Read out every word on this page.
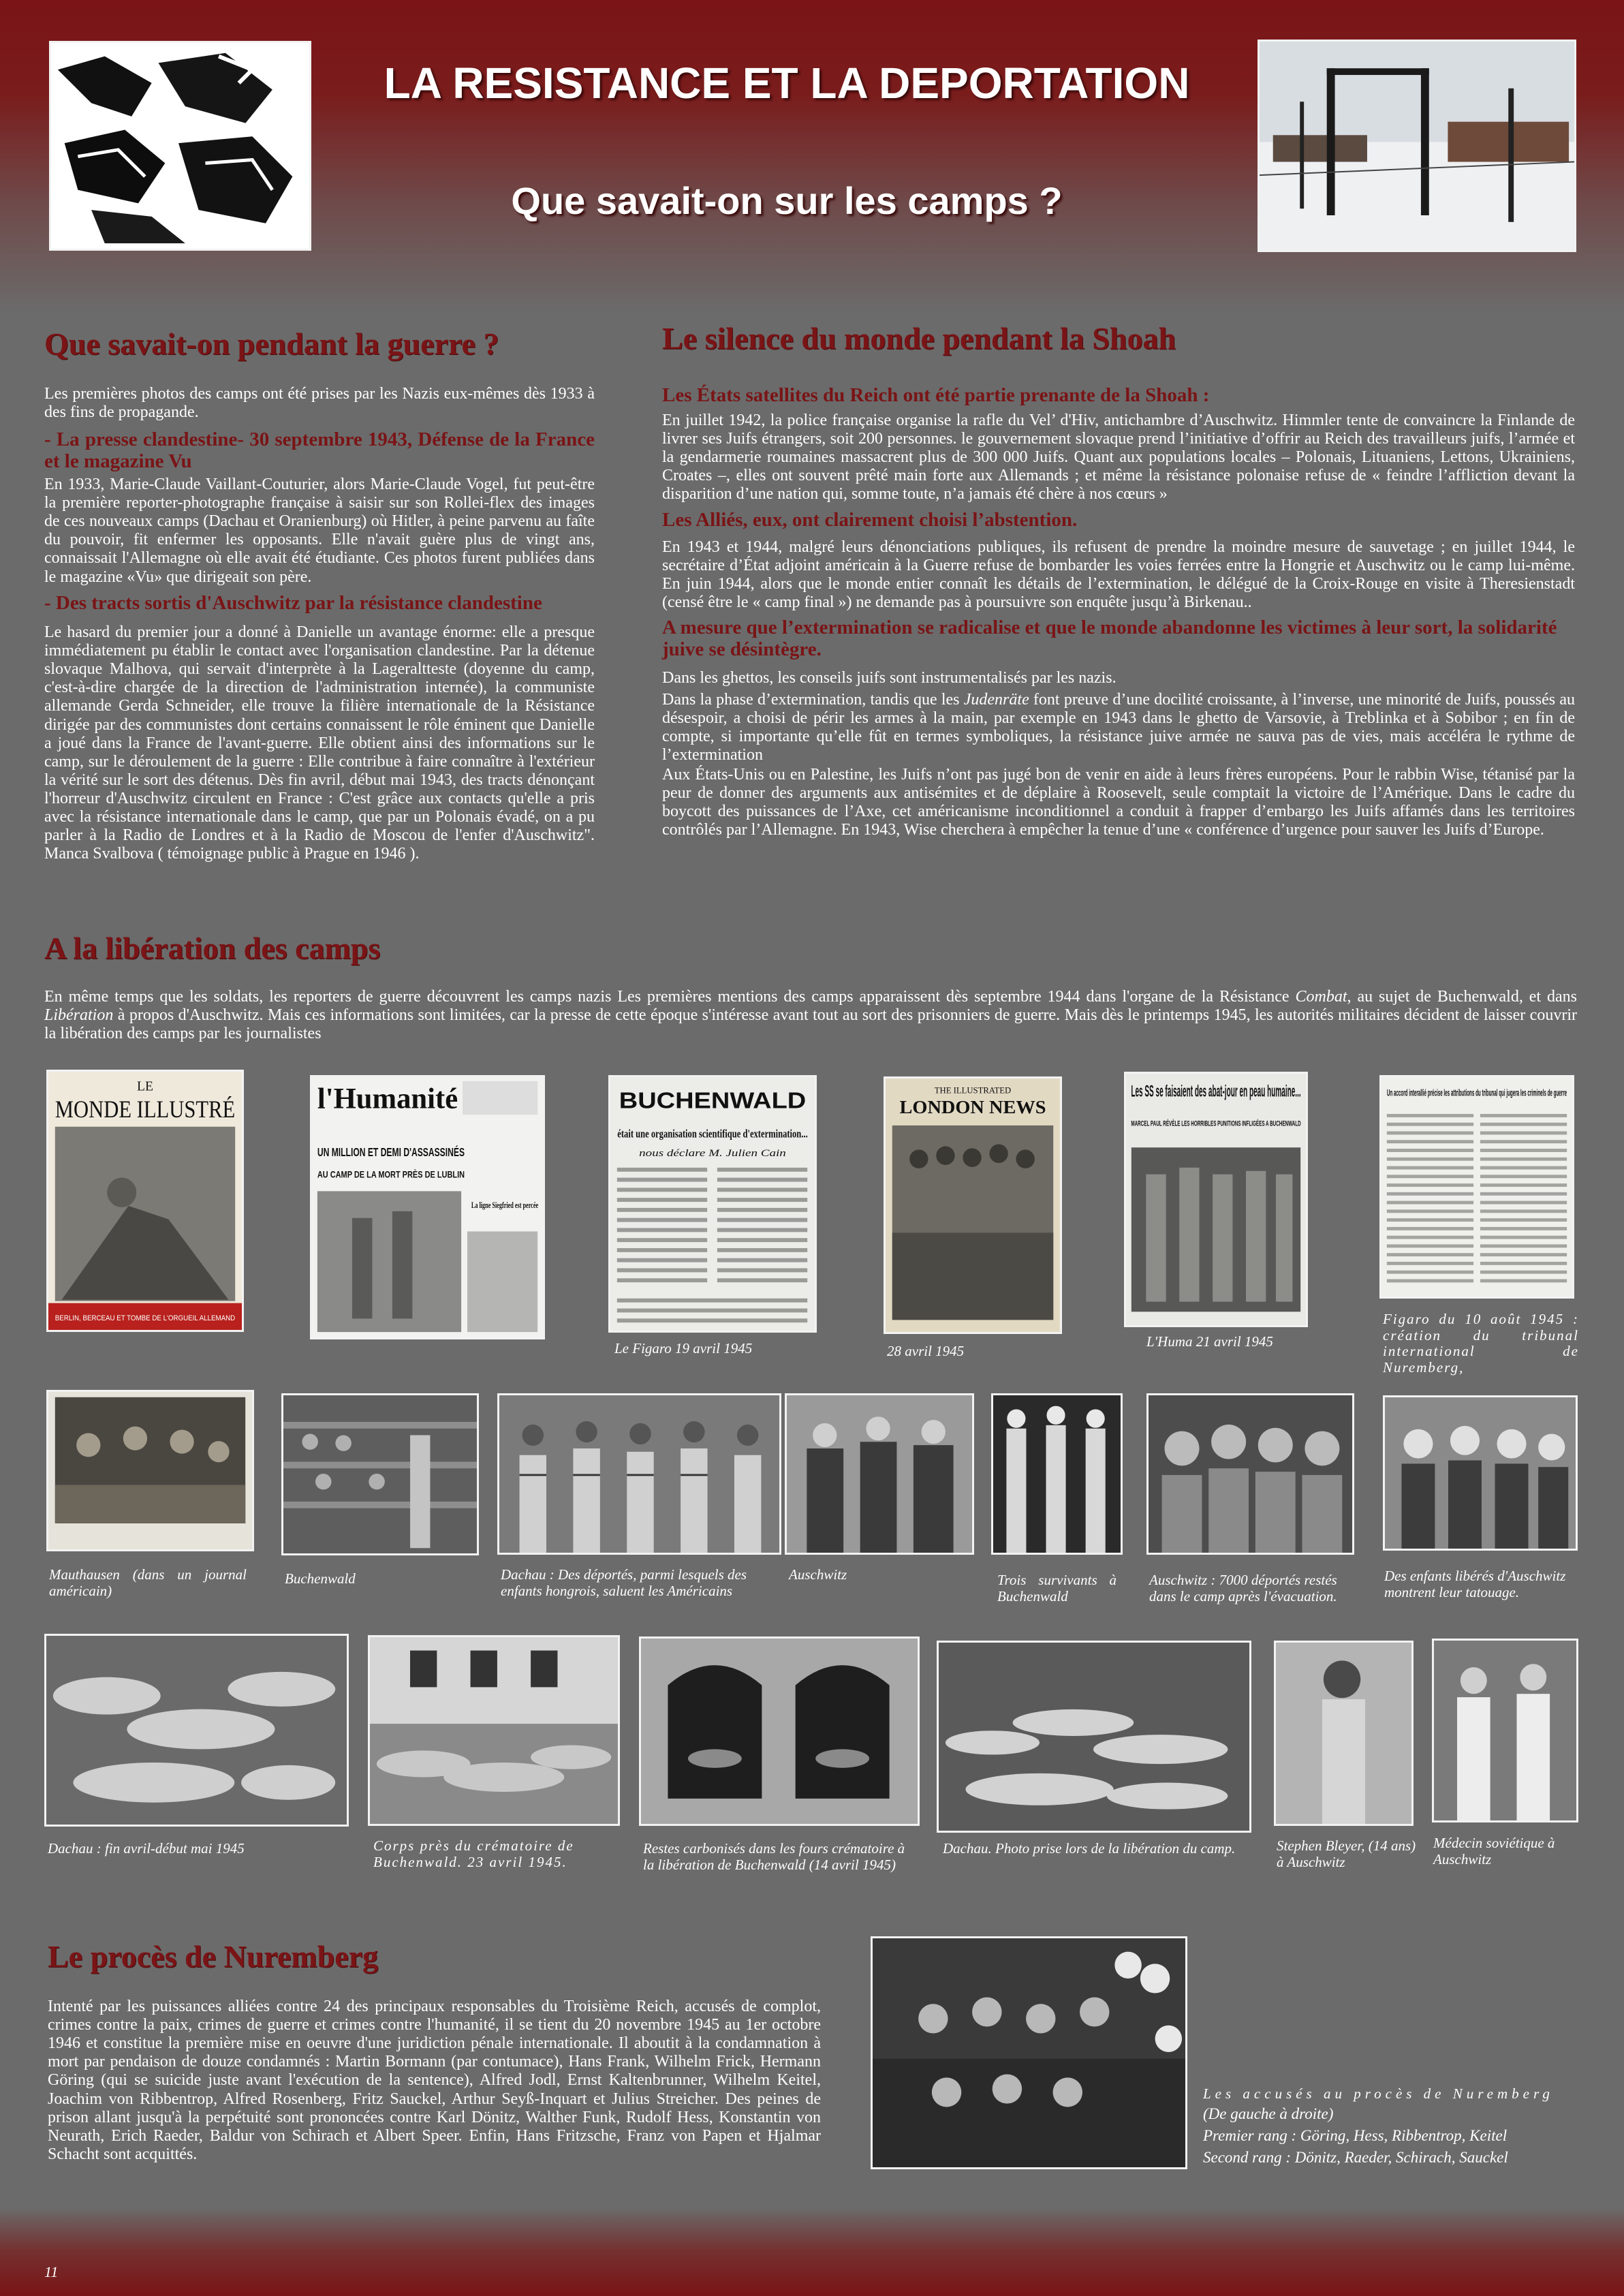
LA RESISTANCE ET LA DEPORTATION
Que savait-on sur les camps ?
Que savait-on pendant la guerre ?
Les premières photos des camps ont été prises par les Nazis eux-mêmes dès 1933 à des fins de propagande.
- La presse clandestine- 30 septembre 1943, Défense de la France et le magazine Vu
En 1933, Marie-Claude Vaillant-Couturier, alors Marie-Claude Vogel, fut peut-être la première reporter-photographe française à saisir sur son Rollei-flex des images de ces nouveaux camps (Dachau et Oranienburg) où Hitler, à peine parvenu au faîte du pouvoir, fit enfermer les opposants. Elle n'avait guère plus de vingt ans, connaissait l'Allemagne où elle avait été étudiante. Ces photos furent publiées dans le magazine «Vu» que dirigeait son père.
- Des tracts sortis d'Auschwitz par la résistance clandestine
Le hasard du premier jour a donné à Danielle un avantage énorme: elle a presque immédiatement pu établir le contact avec l'organisation clandestine. Par la détenue slovaque Malhova, qui servait d'interprète à la Lageraltteste (doyenne du camp, c'est-à-dire chargée de la direction de l'administration internée), la communiste allemande Gerda Schneider, elle trouve la filière internationale de la Résistance dirigée par des communistes dont certains connaissent le rôle éminent que Danielle a joué dans la France de l'avant-guerre. Elle obtient ainsi des informations sur le camp, sur le déroulement de la guerre : Elle contribue à faire connaître à l'extérieur la vérité sur le sort des détenus. Dès fin avril, début mai 1943, des tracts dénonçant l'horreur d'Auschwitz circulent en France : C'est grâce aux contacts qu'elle a pris avec la résistance internationale dans le camp, que par un Polonais évadé, on a pu parler à la Radio de Londres et à la Radio de Moscou de l'enfer d'Auschwitz". Manca Svalbova ( témoignage public à Prague en 1946 ).
Le silence du monde pendant la Shoah
Les États satellites du Reich ont été partie prenante de la Shoah :
En juillet 1942, la police française organise la rafle du Vel’ d'Hiv, antichambre d’Auschwitz. Himmler tente de convaincre la Finlande de livrer ses Juifs étrangers, soit 200 personnes. le gouvernement slovaque prend l’initiative d’offrir au Reich des travailleurs juifs, l’armée et la gendarmerie roumaines massacrent plus de 300 000 Juifs. Quant aux populations locales – Polonais, Lituaniens, Lettons, Ukrainiens, Croates –, elles ont souvent prêté main forte aux Allemands ; et même la résistance polonaise refuse de « feindre l’affliction devant la disparition d’une nation qui, somme toute, n’a jamais été chère à nos cœurs »
Les Alliés, eux, ont clairement choisi l’abstention.
En 1943 et 1944, malgré leurs dénonciations publiques, ils refusent de prendre la moindre mesure de sauvetage ; en juillet 1944, le secrétaire d’État adjoint américain à la Guerre refuse de bombarder les voies ferrées entre la Hongrie et Auschwitz ou le camp lui-même. En juin 1944, alors que le monde entier connaît les détails de l’extermination, le délégué de la Croix-Rouge en visite à Theresienstadt (censé être le « camp final ») ne demande pas à poursuivre son enquête jusqu’à Birkenau..
A mesure que l’extermination se radicalise et que le monde abandonne les victimes à leur sort, la solidarité juive se désintègre.
Dans les ghettos, les conseils juifs sont instrumentalisés par les nazis.
Dans la phase d’extermination, tandis que les Judenräte font preuve d’une docilité croissante, à l’inverse, une minorité de Juifs, poussés au désespoir, a choisi de périr les armes à la main, par exemple en 1943 dans le ghetto de Varsovie, à Treblinka et à Sobibor ; en fin de compte, si importante qu’elle fût en termes symboliques, la résistance juive armée ne sauva pas de vies, mais accéléra le rythme de l’extermination
Aux États-Unis ou en Palestine, les Juifs n’ont pas jugé bon de venir en aide à leurs frères européens. Pour le rabbin Wise, tétanisé par la peur de donner des arguments aux antisémites et de déplaire à Roosevelt, seule comptait la victoire de l’Amérique. Dans le cadre du boycott des puissances de l’Axe, cet américanisme inconditionnel a conduit à frapper d’embargo les Juifs affamés dans les territoires contrôlés par l’Allemagne. En 1943, Wise cherchera à empêcher la tenue d’une « conférence d’urgence pour sauver les Juifs d’Europe.
A la libération des camps
En même temps que les soldats, les reporters de guerre découvrent les camps nazis Les premières mentions des camps apparaissent dès septembre 1944 dans l'organe de la Résistance Combat, au sujet de Buchenwald, et dans Libération à propos d'Auschwitz. Mais ces informations sont limitées, car la presse de cette époque s'intéresse avant tout au sort des prisonniers de guerre. Mais dès le printemps 1945, les autorités militaires décident de laisser couvrir la libération des camps par les journalistes
LE
MONDE ILLUSTRÉ
BERLIN, BERCEAU ET TOMBE DE L'ORGUEIL ALLEMAND
l'Humanité
UN MILLION ET DEMI D'ASSASSINÉS
AU CAMP DE LA MORT PRÈS DE LUBLIN
La ligne Siegfried est percée
BUCHENWALD
était une organisation scientifique d'extermination...
nous déclare M. Julien Cain
Le Figaro 19 avril 1945
THE ILLUSTRATED
LONDON NEWS
28 avril 1945
Les SS se faisaient des abat-jour en peau humaine...
MARCEL PAUL RÉVÈLE LES HORRIBLES PUNITIONS INFLIGÉES A BUCHENWALD
L'Huma 21 avril 1945
Un accord interallié précise les attributions du tribunal qui jugera les criminels de guerre
Figaro du 10 août 1945 : création du tribunal international de Nuremberg,
Mauthausen (dans un journal américain)
Buchenwald	Dachau : Des déportés, parmi lesquels des enfants hongrois, saluent les Américains
Auschwitz	Trois survivants à Buchenwald
Auschwitz : 7000 déportés restés dans le camp après l'évacuation.
Des enfants libérés d'Auschwitz montrent leur tatouage.
Dachau : fin avril-début mai 1945	Corps près du crématoire de Buchenwald. 23 avril 1945.
Restes carbonisés dans les fours crématoire à la libération de Buchenwald (14 avril 1945)
Dachau. Photo prise lors de la libération du camp.	Stephen Bleyer, (14 ans) à Auschwitz
Médecin soviétique à Auschwitz
Le procès de Nuremberg
Intenté par les puissances alliées contre 24 des principaux responsables du Troisième Reich, accusés de complot, crimes contre la paix, crimes de guerre et crimes contre l'humanité, il se tient du 20 novembre 1945 au 1er octobre 1946 et constitue la première mise en oeuvre d'une juridiction pénale internationale. Il aboutit à la condamnation à mort par pendaison de douze condamnés : Martin Bormann (par contumace), Hans Frank, Wilhelm Frick, Hermann Göring (qui se suicide juste avant l'exécution de la sentence), Alfred Jodl, Ernst Kaltenbrunner, Wilhelm Keitel, Joachim von Ribbentrop, Alfred Rosenberg, Fritz Sauckel, Arthur Seyß-Inquart et Julius Streicher. Des peines de prison allant jusqu'à la perpétuité sont prononcées contre Karl Dönitz, Walther Funk, Rudolf Hess, Konstantin von Neurath, Erich Raeder, Baldur von Schirach et Albert Speer. Enfin, Hans Fritzsche, Franz von Papen et Hjalmar Schacht sont acquittés.
Les accusés au procès de Nuremberg
(De gauche à droite)
Premier rang : Göring, Hess, Ribbentrop, Keitel
Second rang : Dönitz, Raeder, Schirach, Sauckel
11
